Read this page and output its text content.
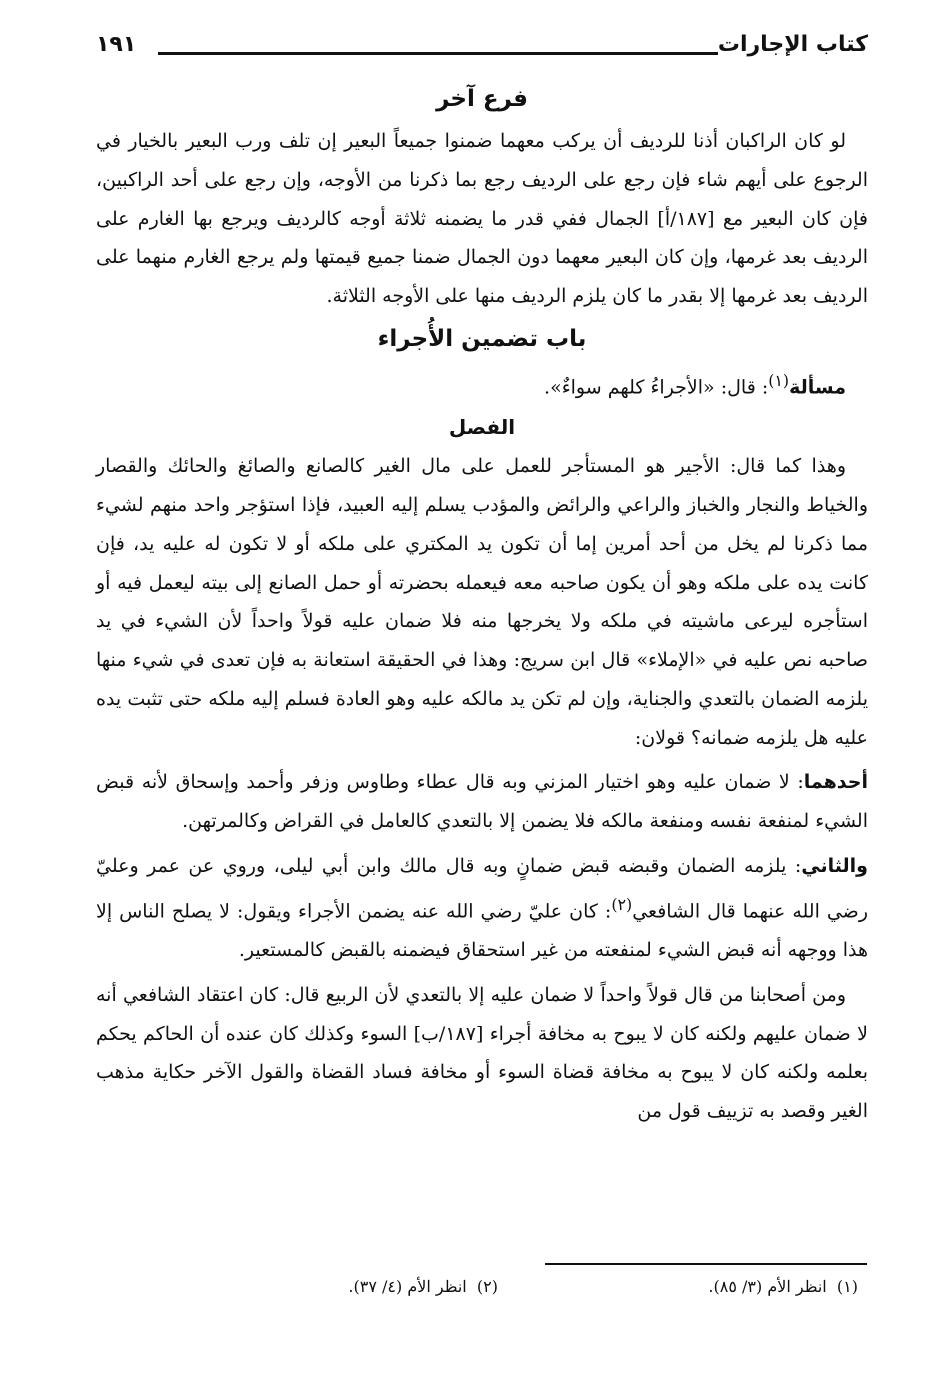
كتاب الإجارات
١٩١

فرع آخر

لو كان الراكبان أذنا للرديف أن يركب معهما ضمنوا جميعاً البعير إن تلف ورب البعير بالخيار في الرجوع على أيهم شاء فإن رجع على الرديف رجع بما ذكرنا من الأوجه، وإن رجع على أحد الراكبين، فإن كان البعير مع [١٨٧/أ] الجمال ففي قدر ما يضمنه ثلاثة أوجه كالرديف ويرجع بها الغارم على الرديف بعد غرمها، وإن كان البعير معهما دون الجمال ضمنا جميع قيمتها ولم يرجع الغارم منهما على الرديف بعد غرمها إلا بقدر ما كان يلزم الرديف منها على الأوجه الثلاثة.

باب تضمين الأُجراء

مسألة$^{(١)}$: قال: «الأجراءُ كلهم سواءٌ».

الفصل

وهذا كما قال: الأجير هو المستأجر للعمل على مال الغير كالصانع والصائغ والحائك والقصار والخياط والنجار والخباز والراعي والرائض والمؤدب يسلم إليه العبيد، فإذا استؤجر واحد منهم لشيء مما ذكرنا لم يخل من أحد أمرين إما أن تكون يد المكتري على ملكه أو لا تكون له عليه يد، فإن كانت يده على ملكه وهو أن يكون صاحبه معه فيعمله بحضرته أو حمل الصانع إلى بيته ليعمل فيه أو استأجره ليرعى ماشيته في ملكه ولا يخرجها منه فلا ضمان عليه قولاً واحداً لأن الشيء في يد صاحبه نص عليه في «الإملاء» قال ابن سريج: وهذا في الحقيقة استعانة به فإن تعدى في شيء منها يلزمه الضمان بالتعدي والجناية، وإن لم تكن يد مالكه عليه وهو العادة فسلم إليه ملكه حتى تثبت يده عليه هل يلزمه ضمانه؟ قولان:

أحدهما: لا ضمان عليه وهو اختيار المزني وبه قال عطاء وطاوس وزفر وأحمد وإسحاق لأنه قبض الشيء لمنفعة نفسه ومنفعة مالكه فلا يضمن إلا بالتعدي كالعامل في القراض وكالمرتهن.

والثاني: يلزمه الضمان وقبضه قبض ضمانٍ وبه قال مالك وابن أبي ليلى، وروي عن عمر وعليّ رضي الله عنهما قال الشافعي$^{(٢)}$: كان عليّ رضي الله عنه يضمن الأجراء ويقول: لا يصلح الناس إلا هذا ووجهه أنه قبض الشيء لمنفعته من غير استحقاق فيضمنه بالقبض كالمستعير.

ومن أصحابنا من قال قولاً واحداً لا ضمان عليه إلا بالتعدي لأن الربيع قال: كان اعتقاد الشافعي أنه لا ضمان عليهم ولكنه كان لا يبوح به مخافة أجراء [١٨٧/ب] السوء وكذلك كان عنده أن الحاكم يحكم بعلمه ولكنه كان لا يبوح به مخافة قضاة السوء أو مخافة فساد القضاة والقول الآخر حكاية مذهب الغير وقصد به تزييف قول من

(١)  انظر الأم (٣/ ٨٥).
(٢)  انظر الأم (٤/ ٣٧).
